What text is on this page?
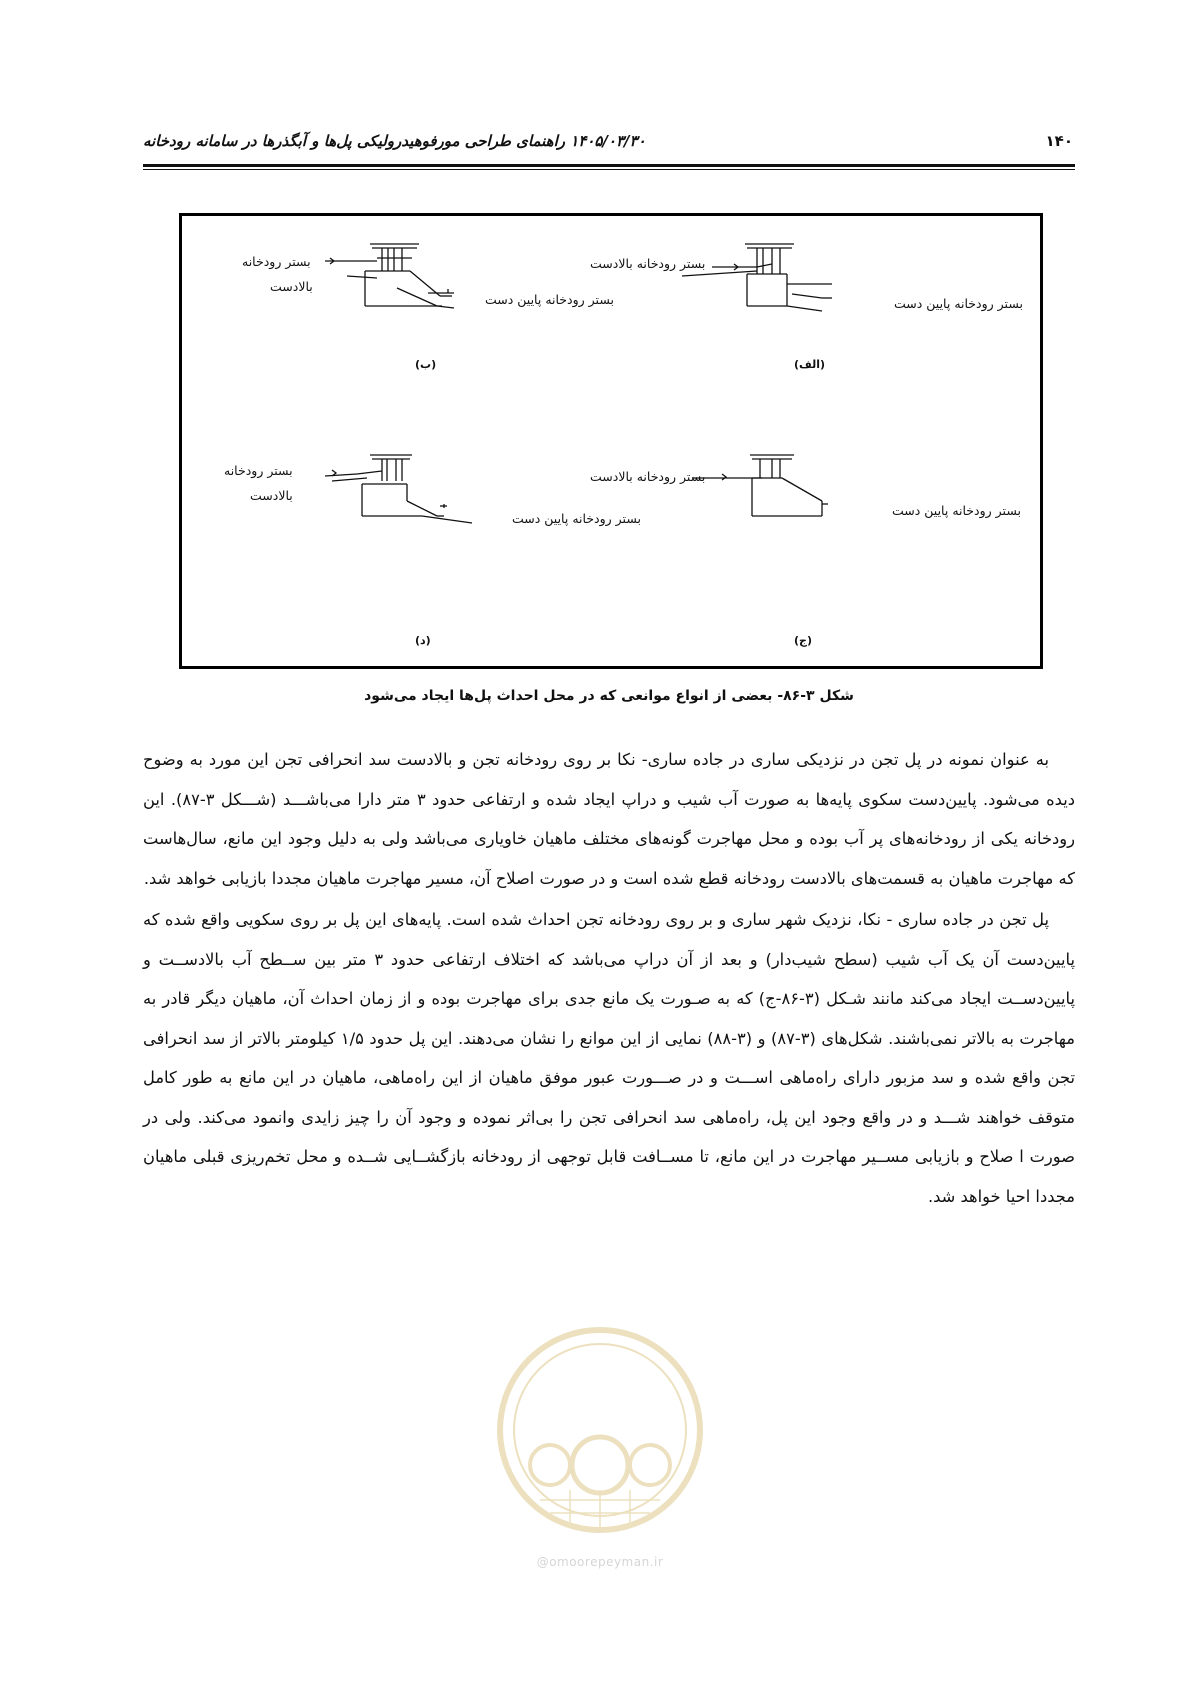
۱۴۰۵/۰۳/۳۰ راهنمای طراحی مورفوهیدرولیکی پل‌ها و آبگذرها در سامانه رودخانه	۱۴۰
بستر رودخانه
بالادست
بستر رودخانه پایین دست
(ب)
بستر رودخانه بالادست
بستر رودخانه پایین دست
(الف)
بستر رودخانه
بالادست
بستر رودخانه پایین دست
(د)
بستر رودخانه بالادست
بستر رودخانه پایین دست
(ج)
شکل ۳-۸۶- بعضی از انواع موانعی که در محل احداث پل‌ها ایجاد می‌شود

به عنوان نمونه در پل تجن در نزدیکی ساری در جاده ساری- نکا بر روی رودخانه تجن و بالادست سد انحرافی تجن این مورد به وضوح دیده می‌شود. پایین‌دست سکوی پایه‌ها به صورت آب شیب و دراپ ایجاد شده و ارتفاعی حدود ۳ متر دارا می‌باشـــد (شـــکل ۳-۸۷). این رودخانه یکی از رودخانه‌های پر آب بوده و محل مهاجرت گونه‌های مختلف ماهیان خاویاری می‌باشد ولی به دلیل وجود این مانع، سال‌هاست که مهاجرت ماهیان به قسمت‌های بالادست رودخانه قطع شده است و در صورت اصلاح آن، مسیر مهاجرت ماهیان مجددا بازیابی خواهد شد.

پل تجن در جاده ساری - نکا، نزدیک شهر ساری و بر روی رودخانه تجن احداث شده است. پایه‌های این پل بر روی سکویی واقع شده که پایین‌دست آن یک آب شیب (سطح شیب‌دار) و بعد از آن دراپ می‌باشد که اختلاف ارتفاعی حدود ۳ متر بین ســطح آب بالادســت و پایین‌دســت ایجاد می‌کند مانند شـکل (۳-۸۶-ج) که به صـورت یک مانع جدی برای مهاجرت بوده و از زمان احداث آن، ماهیان دیگر قادر به مهاجرت به بالاتر نمی‌باشند. شکل‌های (۳-۸۷) و (۳-۸۸) نمایی از این موانع را نشان می‌دهند. این پل حدود ۱/۵ کیلومتر بالاتر از سد انحرافی تجن واقع شده و سد مزبور دارای راه‌ماهی اســـت و در صـــورت عبور موفق ماهیان از این راه‌ماهی، ماهیان در این مانع به طور کامل متوقف خواهند شـــد و در واقع وجود این پل، راه‌ماهی سد انحرافی تجن را بی‌اثر نموده و وجود آن را چیز زایدی وانمود می‌کند. ولی در صورت ا صلاح و بازیابی مســیر مهاجرت در این مانع، تا مســافت قابل توجهی از رودخانه بازگشــایی شــده و محل تخم‌ریزی قبلی ماهیان مجددا احیا خواهد شد.

@omoorepeyman.ir
